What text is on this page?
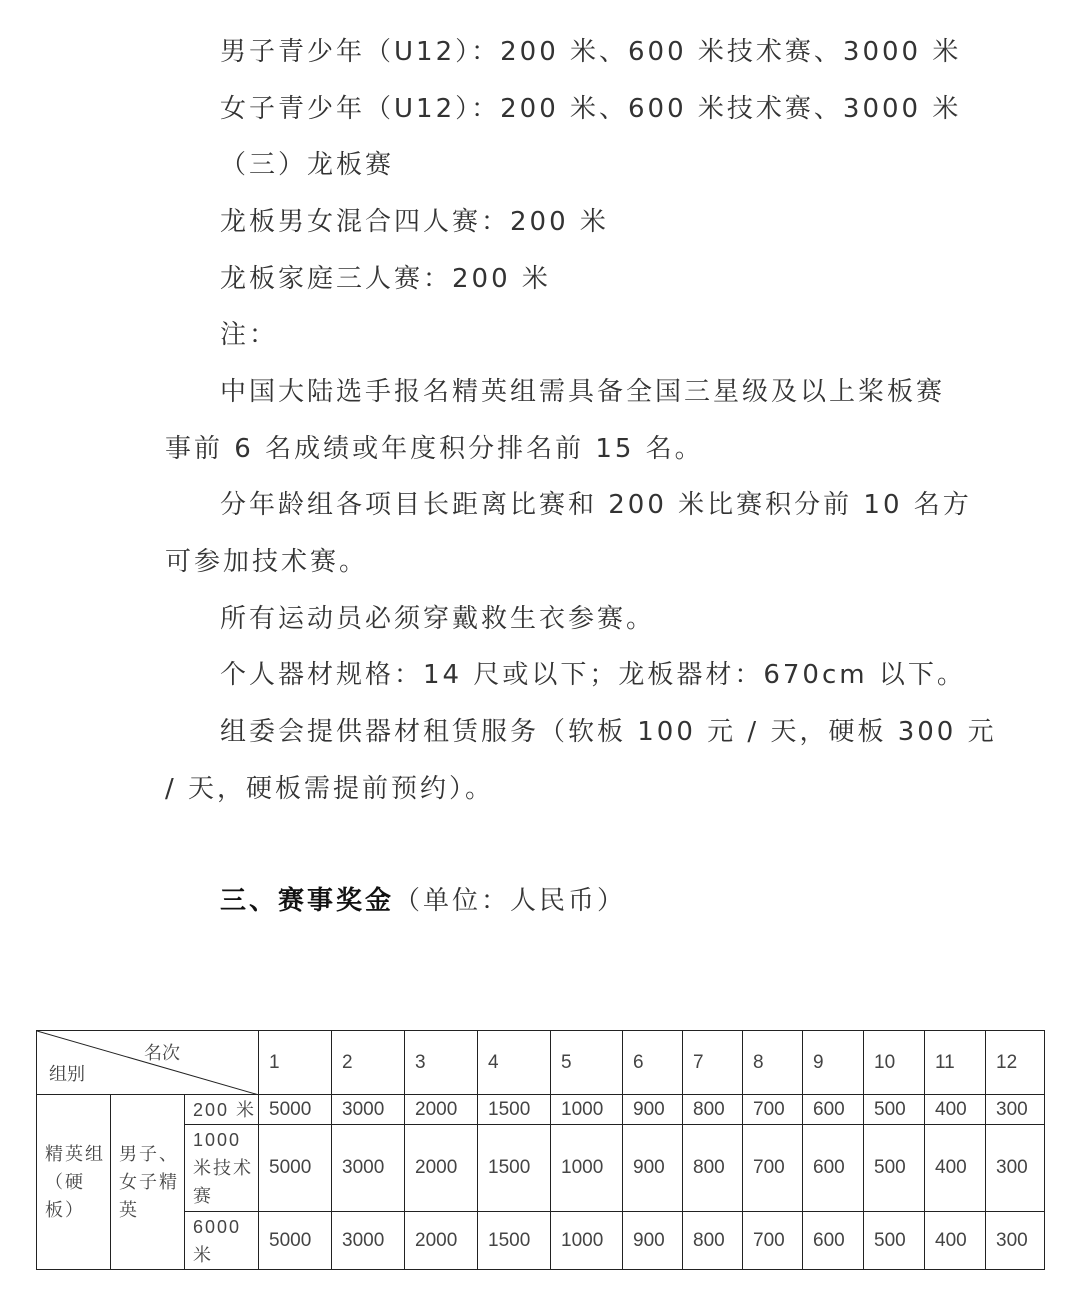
男子青少年（U12）：200 米、600 米技术赛、3000 米
女子青少年（U12）：200 米、600 米技术赛、3000 米
（三）龙板赛
龙板男女混合四人赛：200 米
龙板家庭三人赛：200 米
注：
中国大陆选手报名精英组需具备全国三星级及以上桨板赛
事前 6 名成绩或年度积分排名前 15 名。
分年龄组各项目长距离比赛和 200 米比赛积分前 10 名方
可参加技术赛。
所有运动员必须穿戴救生衣参赛。
个人器材规格：14 尺或以下；龙板器材：670cm 以下。
组委会提供器材租赁服务（软板 100 元 / 天，硬板 300 元
/ 天，硬板需提前预约）。
三、赛事奖金（单位：人民币）
名次
组别			1	2	3	4	5	6	7	8	9	10	11	12
精英组（硬板）	男子、女子精英	200 米	5000	3000	2000	1500	1000	900	800	700	600	500	400	300
		1000 米技术赛	5000	3000	2000	1500	1000	900	800	700	600	500	400	300
		6000 米	5000	3000	2000	1500	1000	900	800	700	600	500	400	300
